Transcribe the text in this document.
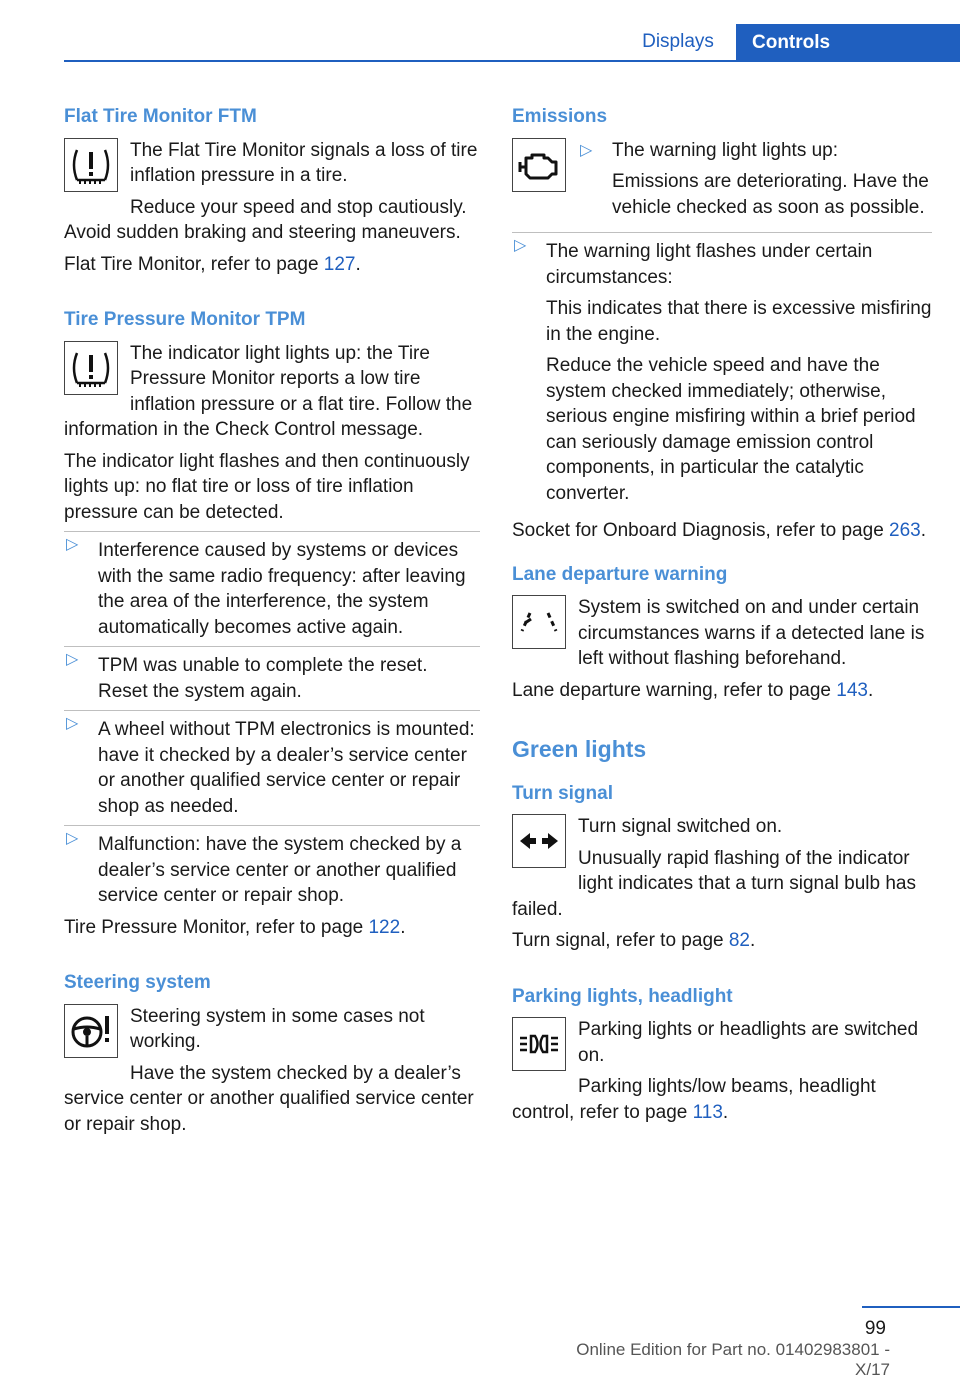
Displays	Controls
Flat Tire Monitor FTM

The Flat Tire Monitor signals a loss of tire inflation pressure in a tire.

Reduce your speed and stop cautiously. Avoid sudden braking and steering maneuvers.

Flat Tire Monitor, refer to page 127.

Tire Pressure Monitor TPM

The indicator light lights up: the Tire Pressure Monitor reports a low tire inflation pressure or a flat tire. Follow the information in the Check Control message.

The indicator light flashes and then continuously lights up: no flat tire or loss of tire inflation pressure can be detected.

▷ Interference caused by systems or devices with the same radio frequency: after leaving the area of the interference, the system automatically becomes active again.
▷ TPM was unable to complete the reset. Reset the system again.
▷ A wheel without TPM electronics is mounted: have it checked by a dealer’s service center or another qualified service center or repair shop as needed.
▷ Malfunction: have the system checked by a dealer’s service center or another qualified service center or repair shop.

Tire Pressure Monitor, refer to page 122.

Steering system

Steering system in some cases not working.

Have the system checked by a dealer’s service center or another qualified service center or repair shop.

Emissions
▷ The warning light lights up:

Emissions are deteriorating. Have the vehicle checked as soon as possible.

▷ The warning light flashes under certain circumstances:

This indicates that there is excessive misfiring in the engine.

Reduce the vehicle speed and have the system checked immediately; otherwise, serious engine misfiring within a brief period can seriously damage emission control components, in particular the catalytic converter.

Socket for Onboard Diagnosis, refer to page 263.

Lane departure warning

System is switched on and under certain circumstances warns if a detected lane is left without flashing beforehand.

Lane departure warning, refer to page 143.

Green lights
Turn signal

Turn signal switched on.

Unusually rapid flashing of the indicator light indicates that a turn signal bulb has failed.

Turn signal, refer to page 82.

Parking lights, headlight

Parking lights or headlights are switched on.

Parking lights/low beams, headlight control, refer to page 113.

99
Online Edition for Part no. 01402983801 - X/17
